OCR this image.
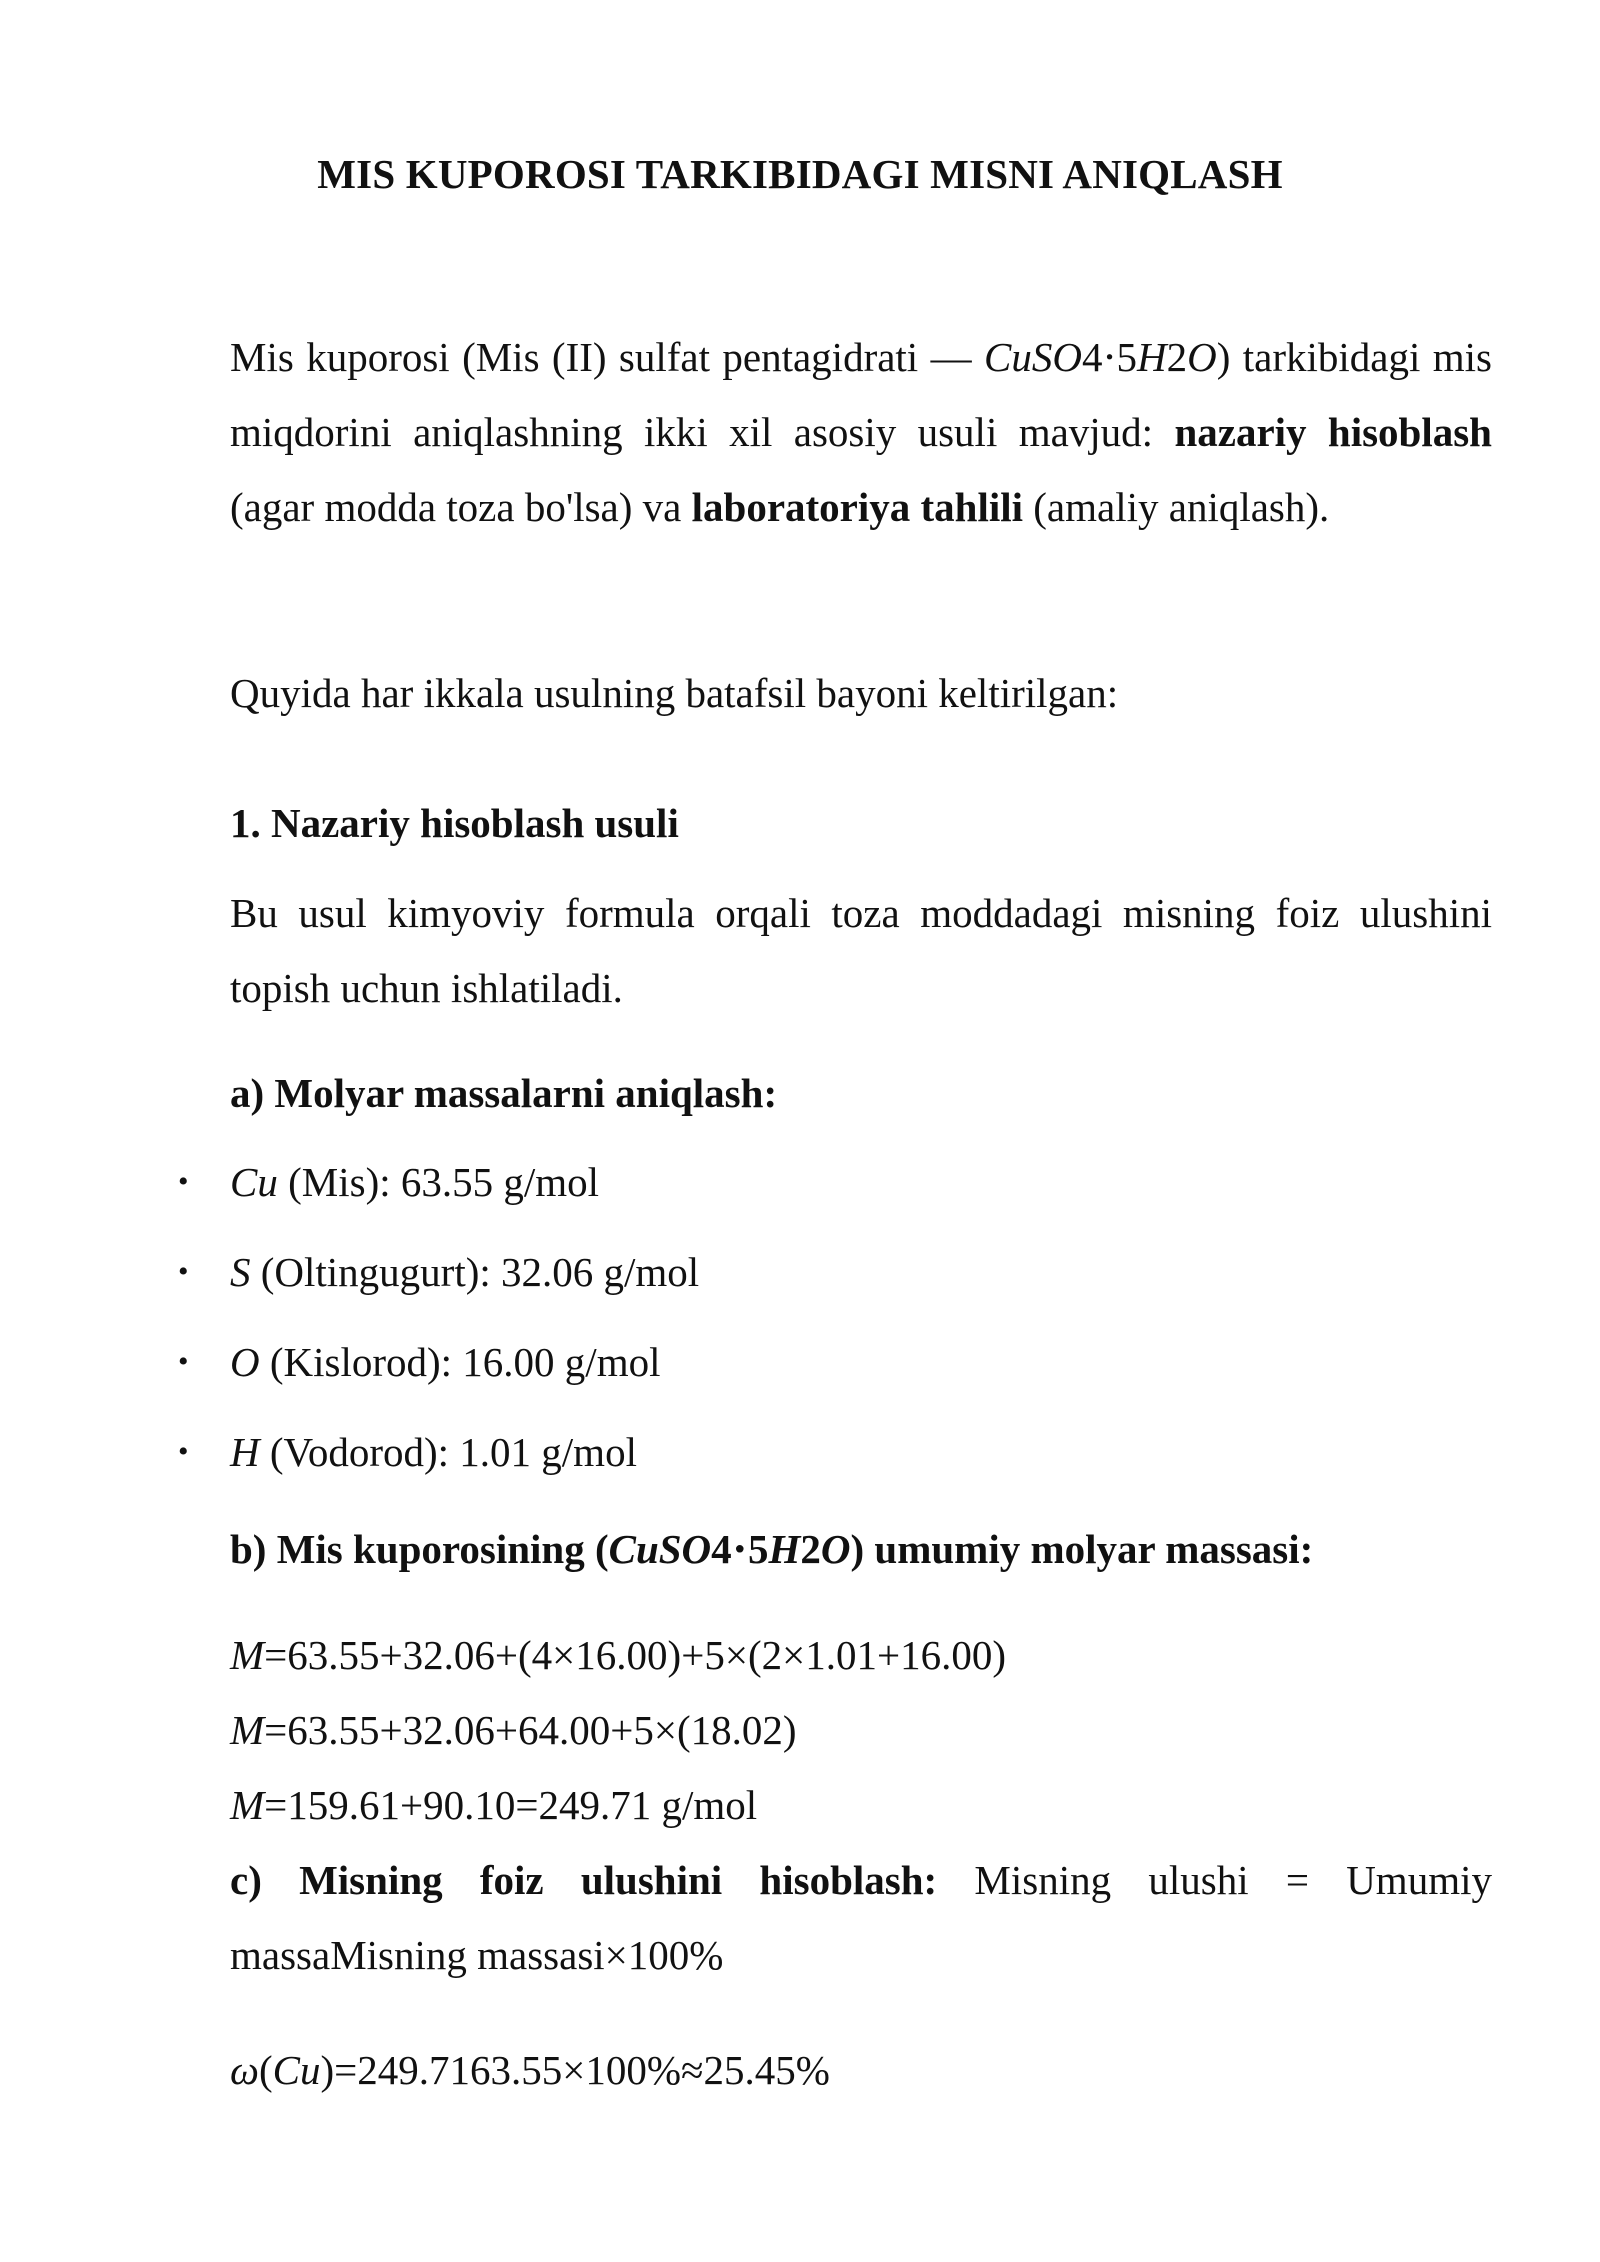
MIS KUPOROSI TARKIBIDAGI MISNI ANIQLASH
Mis kuporosi (Mis (II) sulfat pentagidrati — CuSO4⋅5H2O) tarkibidagi mis miqdorini aniqlashning ikki xil asosiy usuli mavjud: nazariy hisoblash (agar modda toza bo'lsa) va laboratoriya tahlili (amaliy aniqlash).
Quyida har ikkala usulning batafsil bayoni keltirilgan:
1. Nazariy hisoblash usuli
Bu usul kimyoviy formula orqali toza moddadagi misning foiz ulushini topish uchun ishlatiladi.
a) Molyar massalarni aniqlash:
• Cu (Mis): 63.55 g/mol
• S (Oltingugurt): 32.06 g/mol
• O (Kislorod): 16.00 g/mol
• H (Vodorod): 1.01 g/mol
b) Mis kuporosining (CuSO4⋅5H2O) umumiy molyar massasi:
M=63.55+32.06+(4×16.00)+5×(2×1.01+16.00)
M=63.55+32.06+64.00+5×(18.02)
M=159.61+90.10=249.71 g/mol
c) Misning foiz ulushini hisoblash: Misning ulushi = Umumiy massaMisning massasi×100%
ω(Cu)=249.7163.55×100%≈25.45%
